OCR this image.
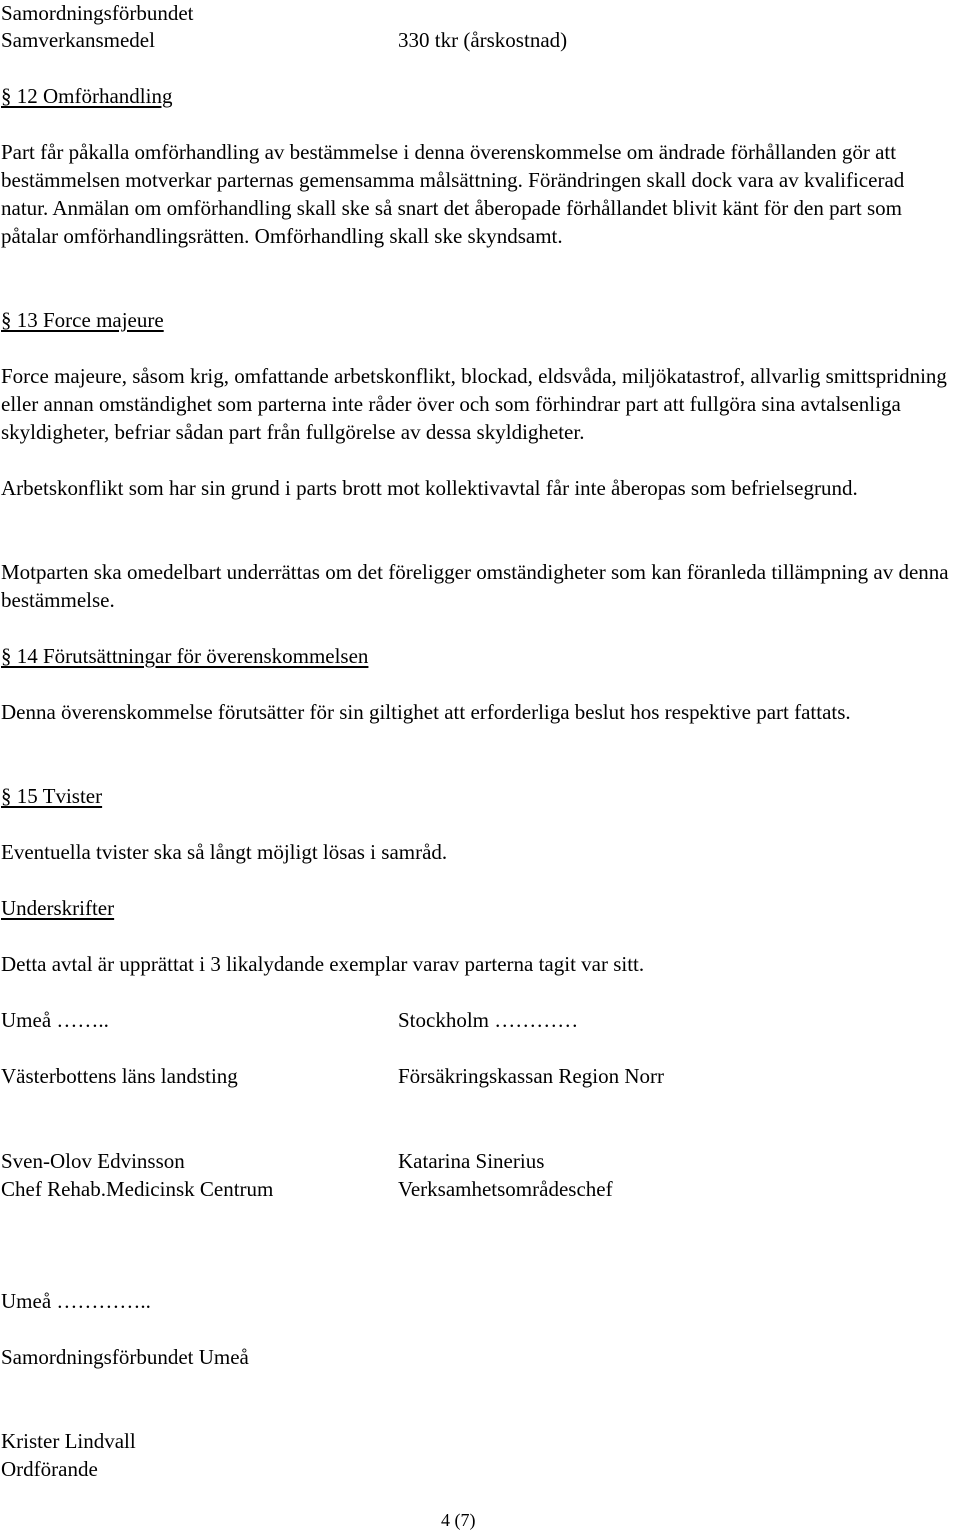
Samordningsförbundet

Samverkansmedel	330 tkr (årskostnad)

§ 12 Omförhandling

Part får påkalla omförhandling av bestämmelse i denna överenskommelse om ändrade förhållanden gör att bestämmelsen motverkar parternas gemensamma målsättning. Förändringen skall dock vara av kvalificerad natur. Anmälan om omförhandling skall ske så snart det åberopade förhållandet blivit känt för den part som påtalar omförhandlingsrätten. Omförhandling skall ske skyndsamt.

§ 13 Force majeure

Force majeure, såsom krig, omfattande arbetskonflikt, blockad, eldsvåda, miljökatastrof, allvarlig smittspridning eller annan omständighet som parterna inte råder över och som förhindrar part att fullgöra sina avtalsenliga skyldigheter, befriar sådan part från fullgörelse av dessa skyldigheter.

Arbetskonflikt som har sin grund i parts brott mot kollektivavtal får inte åberopas som befrielsegrund.

Motparten ska omedelbart underrättas om det föreligger omständigheter som kan föranleda tillämpning av denna bestämmelse.

§ 14 Förutsättningar för överenskommelsen

Denna överenskommelse förutsätter för sin giltighet att erforderliga beslut hos respektive part fattats.

§ 15 Tvister

Eventuella tvister ska så långt möjligt lösas i samråd.

Underskrifter

Detta avtal är upprättat i 3 likalydande exemplar varav parterna tagit var sitt.

Umeå ……..	Stockholm …………

Västerbottens läns landsting	Försäkringskassan Region Norr

Sven-Olov Edvinsson	Katarina Sinerius

Chef Rehab.Medicinsk Centrum	Verksamhetsområdeschef

Umeå …………..

Samordningsförbundet Umeå

Krister Lindvall

Ordförande

4 (7)
